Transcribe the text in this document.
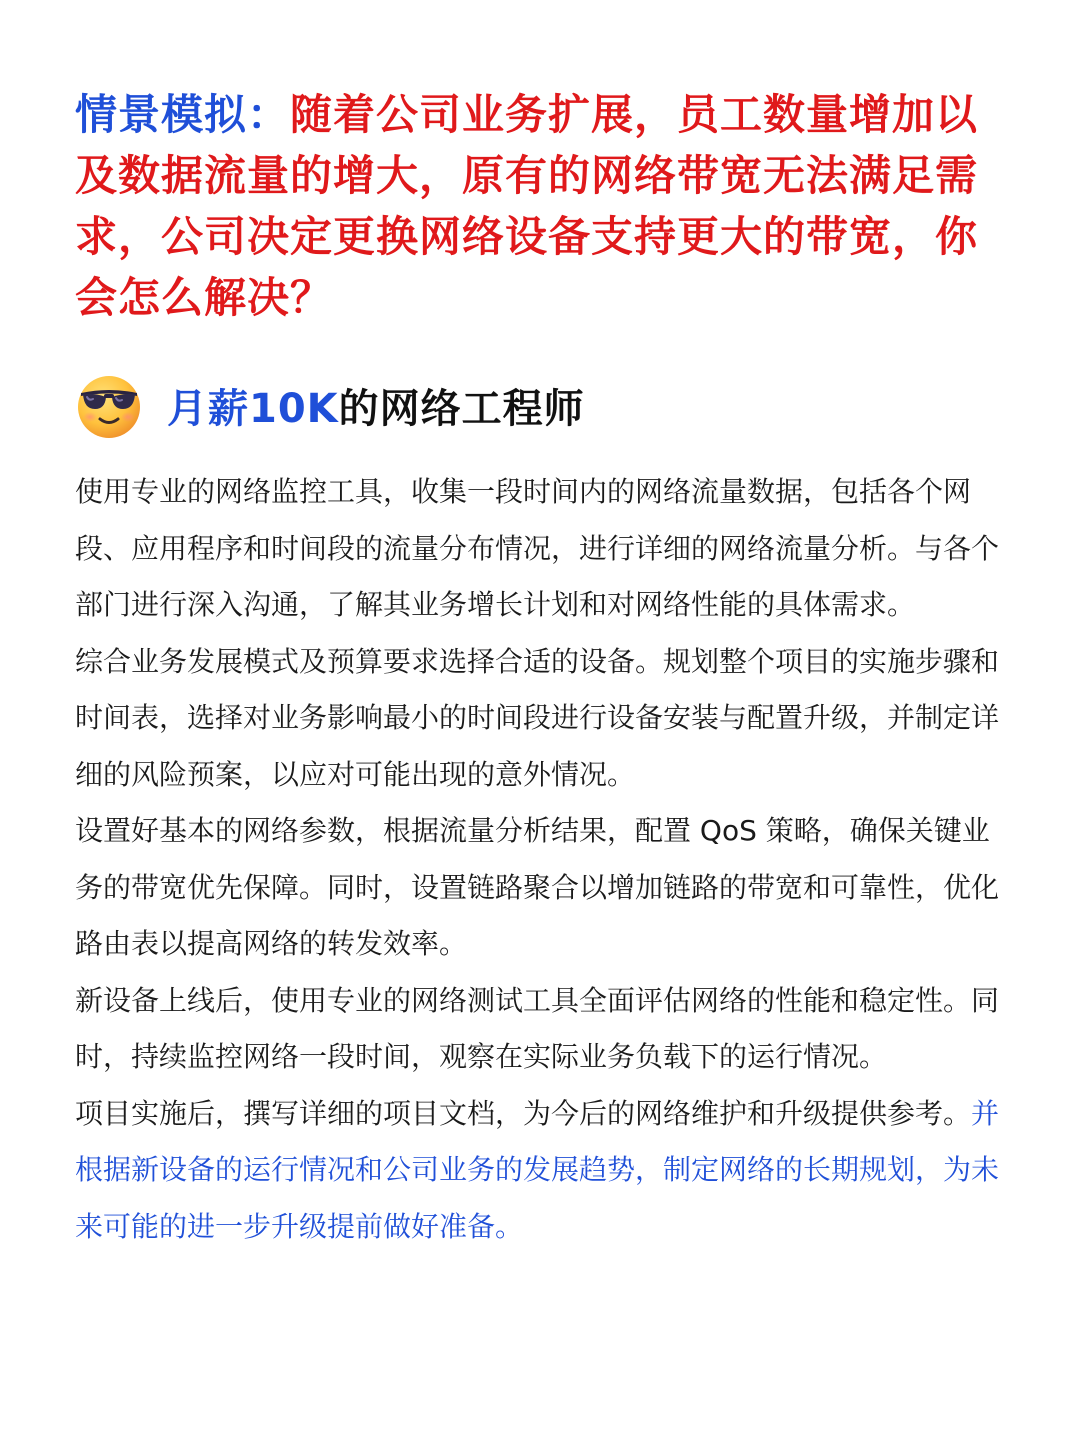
情景模拟：随着公司业务扩展，员工数量增加以及数据流量的增大，原有的网络带宽无法满足需求，公司决定更换网络设备支持更大的带宽，你会怎么解决？
月薪10K的网络工程师

使用专业的网络监控工具，收集一段时间内的网络流量数据，包括各个网段、应用程序和时间段的流量分布情况，进行详细的网络流量分析。与各个部门进行深入沟通，了解其业务增长计划和对网络性能的具体需求。

综合业务发展模式及预算要求选择合适的设备。规划整个项目的实施步骤和时间表，选择对业务影响最小的时间段进行设备安装与配置升级，并制定详细的风险预案，以应对可能出现的意外情况。

设置好基本的网络参数，根据流量分析结果，配置 QoS 策略，确保关键业务的带宽优先保障。同时，设置链路聚合以增加链路的带宽和可靠性，优化路由表以提高网络的转发效率。

新设备上线后，使用专业的网络测试工具全面评估网络的性能和稳定性。同时，持续监控网络一段时间，观察在实际业务负载下的运行情况。

项目实施后，撰写详细的项目文档，为今后的网络维护和升级提供参考。并根据新设备的运行情况和公司业务的发展趋势，制定网络的长期规划，为未来可能的进一步升级提前做好准备。
